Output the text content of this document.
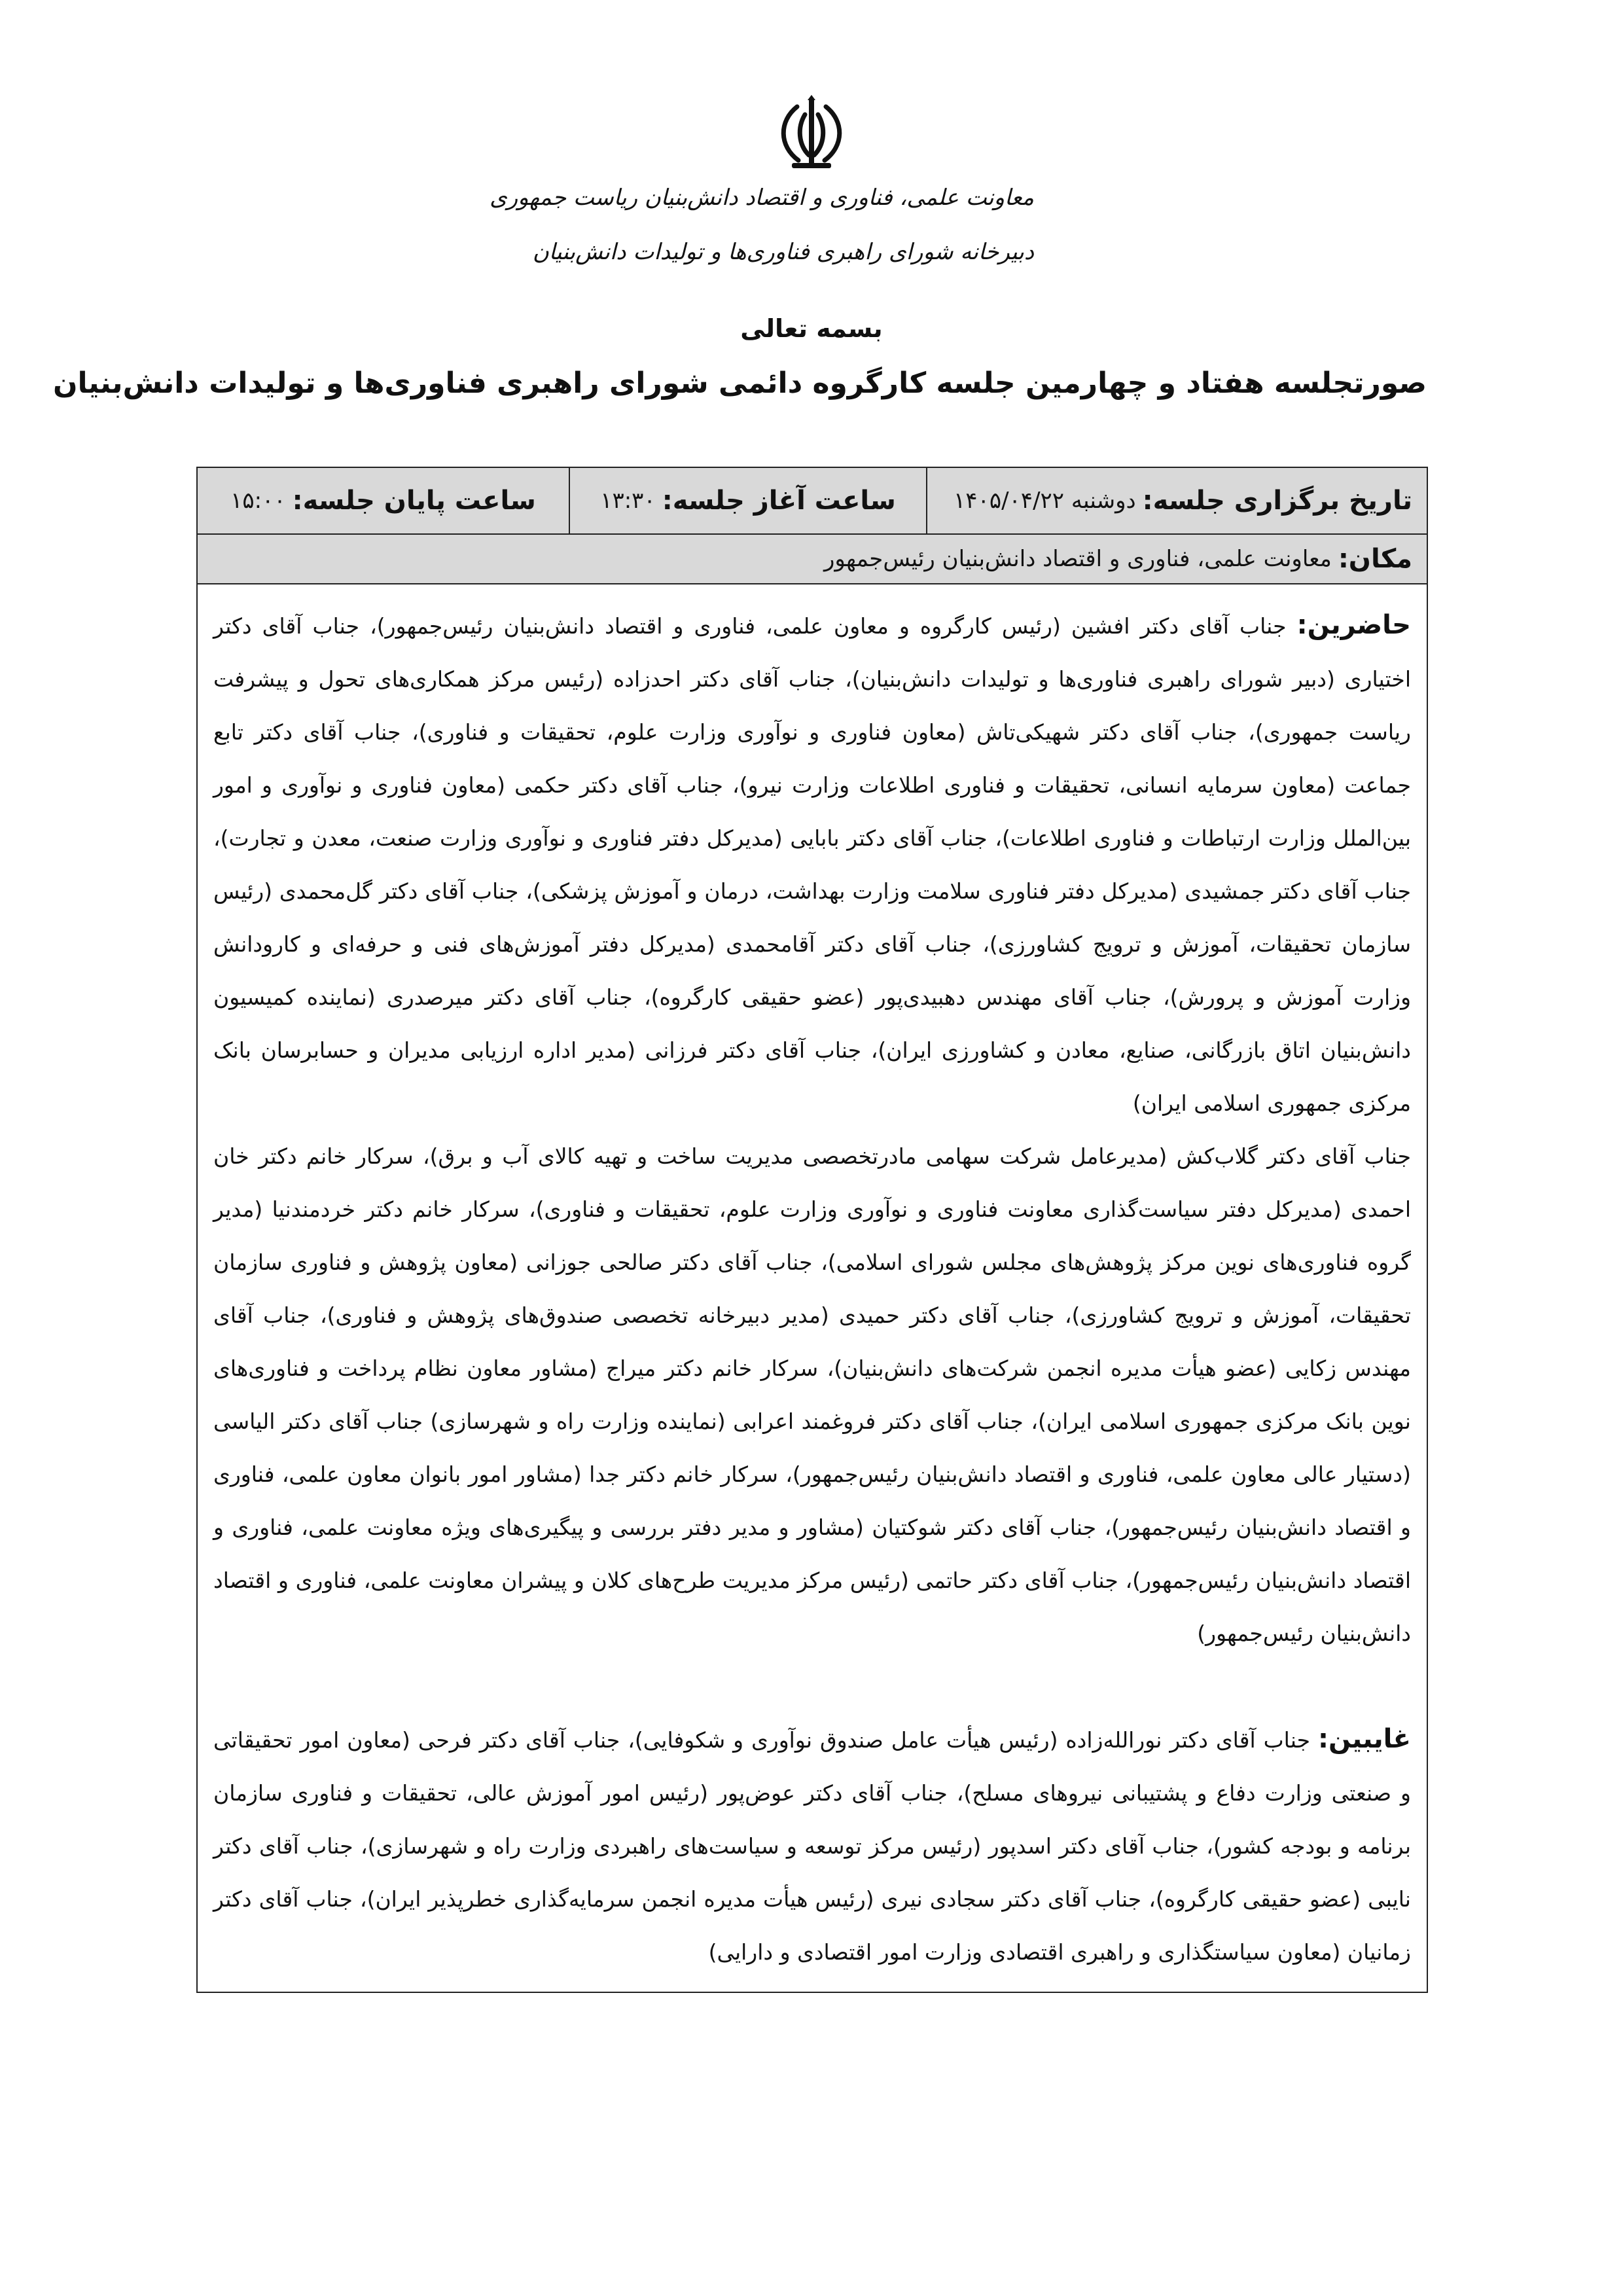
معاونت علمی، فناوری و اقتصاد دانش‌بنیان ریاست جمهوری
دبیرخانه شورای راهبری فناوری‌ها و تولیدات دانش‌بنیان
بسمه تعالی
صورتجلسه هفتاد و چهارمین جلسه کارگروه دائمی شورای راهبری فناوری‌ها و تولیدات دانش‌بنیان
تاریخ برگزاری جلسه:
دوشنبه ۱۴۰۵/۰۴/۲۲
ساعت آغاز جلسه:
۱۳:۳۰
ساعت پایان جلسه:
۱۵:۰۰
مکان:
معاونت علمی، فناوری و اقتصاد دانش‌بنیان رئیس‌جمهور

حاضرین: جناب آقای دکتر افشین (رئیس کارگروه و معاون علمی، فناوری و اقتصاد دانش‌بنیان رئیس‌جمهور)، جناب آقای دکتر اختیاری (دبیر شورای راهبری فناوری‌ها و تولیدات دانش‌بنیان)، جناب آقای دکتر احدزاده (رئیس مرکز همکاری‌های تحول و پیشرفت ریاست جمهوری)، جناب آقای دکتر شهیکی‌تاش (معاون فناوری و نوآوری وزارت علوم، تحقیقات و فناوری)، جناب آقای دکتر تابع جماعت (معاون سرمایه انسانی، تحقیقات و فناوری اطلاعات وزارت نیرو)، جناب آقای دکتر حکمی (معاون فناوری و نوآوری و امور بین‌الملل وزارت ارتباطات و فناوری اطلاعات)، جناب آقای دکتر بابایی (مدیرکل دفتر فناوری و نوآوری وزارت صنعت، معدن و تجارت)، جناب آقای دکتر جمشیدی (مدیرکل دفتر فناوری سلامت وزارت بهداشت، درمان و آموزش پزشکی)، جناب آقای دکتر گل‌محمدی (رئیس سازمان تحقیقات، آموزش و ترویج کشاورزی)، جناب آقای دکتر آقامحمدی (مدیرکل دفتر آموزش‌های فنی و حرفه‌ای و کارودانش وزارت آموزش و پرورش)، جناب آقای مهندس دهبیدی‌پور (عضو حقیقی کارگروه)، جناب آقای دکتر میرصدری (نماینده کمیسیون دانش‌بنیان اتاق بازرگانی، صنایع، معادن و کشاورزی ایران)، جناب آقای دکتر فرزانی (مدیر اداره ارزیابی مدیران و حسابرسان بانک مرکزی جمهوری اسلامی ایران)

جناب آقای دکتر گلاب‌کش (مدیرعامل شرکت سهامی مادرتخصصی مدیریت ساخت و تهیه کالای آب و برق)، سرکار خانم دکتر خان احمدی (مدیرکل دفتر سیاست‌گذاری معاونت فناوری و نوآوری وزارت علوم، تحقیقات و فناوری)، سرکار خانم دکتر خردمندنیا (مدیر گروه فناوری‌های نوین مرکز پژوهش‌های مجلس شورای اسلامی)، جناب آقای دکتر صالحی جوزانی (معاون پژوهش و فناوری سازمان تحقیقات، آموزش و ترویج کشاورزی)، جناب آقای دکتر حمیدی (مدیر دبیرخانه تخصصی صندوق‌های پژوهش و فناوری)، جناب آقای مهندس زکایی (عضو هیأت مدیره انجمن شرکت‌های دانش‌بنیان)، سرکار خانم دکتر میراج (مشاور معاون نظام پرداخت و فناوری‌های نوین بانک مرکزی جمهوری اسلامی ایران)، جناب آقای دکتر فروغمند اعرابی (نماینده وزارت راه و شهرسازی) جناب آقای دکتر الیاسی (دستیار عالی معاون علمی، فناوری و اقتصاد دانش‌بنیان رئیس‌جمهور)، سرکار خانم دکتر جدا (مشاور امور بانوان معاون علمی، فناوری و اقتصاد دانش‌بنیان رئیس‌جمهور)، جناب آقای دکتر شوکتیان (مشاور و مدیر دفتر بررسی و پیگیری‌های ویژه معاونت علمی، فناوری و اقتصاد دانش‌بنیان رئیس‌جمهور)، جناب آقای دکتر حاتمی (رئیس مرکز مدیریت طرح‌های کلان و پیشران معاونت علمی، فناوری و اقتصاد دانش‌بنیان رئیس‌جمهور)

غایبین: جناب آقای دکتر نورالله‌زاده (رئیس هیأت عامل صندوق نوآوری و شکوفایی)، جناب آقای دکتر فرحی (معاون امور تحقیقاتی و صنعتی وزارت دفاع و پشتیبانی نیروهای مسلح)، جناب آقای دکتر عوض‌پور (رئیس امور آموزش عالی، تحقیقات و فناوری سازمان برنامه و بودجه کشور)، جناب آقای دکتر اسدپور (رئیس مرکز توسعه و سیاست‌های راهبردی وزارت راه و شهرسازی)، جناب آقای دکتر نایبی (عضو حقیقی کارگروه)، جناب آقای دکتر سجادی نیری (رئیس هیأت مدیره انجمن سرمایه‌گذاری خطرپذیر ایران)، جناب آقای دکتر زمانیان (معاون سیاستگذاری و راهبری اقتصادی وزارت امور اقتصادی و دارایی)
